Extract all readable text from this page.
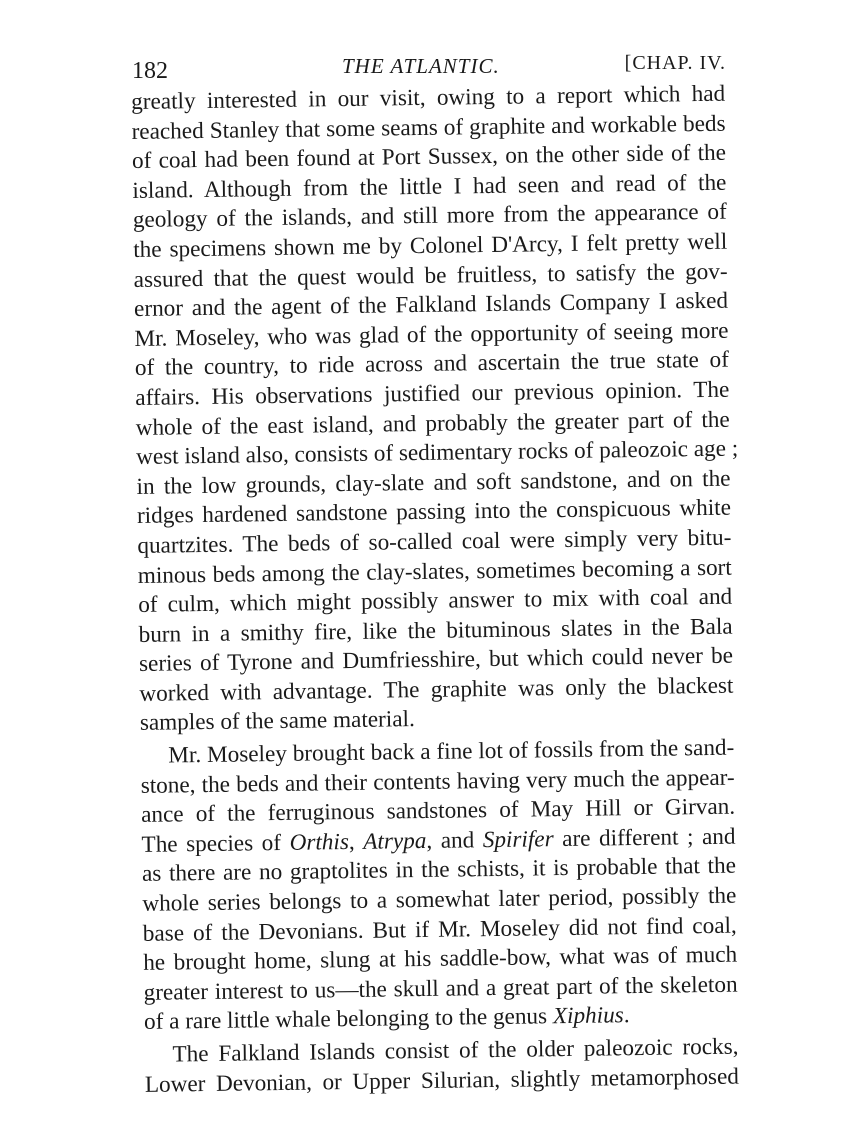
182	THE ATLANTIC.	[CHAP. IV.
greatly interested in our visit, owing to a report which had
reached Stanley that some seams of graphite and workable beds
of coal had been found at Port Sussex, on the other side of the
island. Although from the little I had seen and read of the
geology of the islands, and still more from the appearance of
the specimens shown me by Colonel D'Arcy, I felt pretty well
assured that the quest would be fruitless, to satisfy the gov-
ernor and the agent of the Falkland Islands Company I asked
Mr. Moseley, who was glad of the opportunity of seeing more
of the country, to ride across and ascertain the true state of
affairs. His observations justified our previous opinion. The
whole of the east island, and probably the greater part of the
west island also, consists of sedimentary rocks of paleozoic age ;
in the low grounds, clay-slate and soft sandstone, and on the
ridges hardened sandstone passing into the conspicuous white
quartzites. The beds of so-called coal were simply very bitu-
minous beds among the clay-slates, sometimes becoming a sort
of culm, which might possibly answer to mix with coal and
burn in a smithy fire, like the bituminous slates in the Bala
series of Tyrone and Dumfriesshire, but which could never be
worked with advantage. The graphite was only the blackest
samples of the same material.
Mr. Moseley brought back a fine lot of fossils from the sand-
stone, the beds and their contents having very much the appear-
ance of the ferruginous sandstones of May Hill or Girvan.
The species of Orthis, Atrypa, and Spirifer are different ; and
as there are no graptolites in the schists, it is probable that the
whole series belongs to a somewhat later period, possibly the
base of the Devonians. But if Mr. Moseley did not find coal,
he brought home, slung at his saddle-bow, what was of much
greater interest to us—the skull and a great part of the skeleton
of a rare little whale belonging to the genus Xiphius.
The Falkland Islands consist of the older paleozoic rocks,
Lower Devonian, or Upper Silurian, slightly metamorphosed
